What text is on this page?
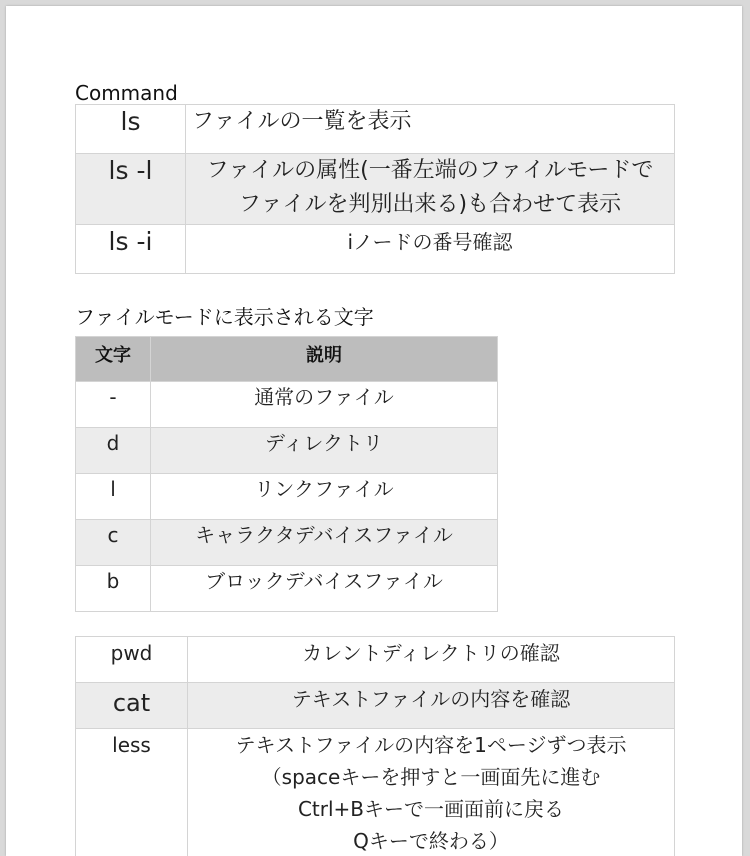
Command
ls	ファイルの一覧を表示

ls -l	ファイルの属性(一番左端のファイルモードで
ファイルを判別出来る)も合わせて表示

ls -i	iノードの番号確認
ファイルモードに表示される文字
文字	説明
-	通常のファイル
d	ディレクトリ
l	リンクファイル
c	キャラクタデバイスファイル
b	ブロックデバイスファイル
pwd	カレントディレクトリの確認

cat	テキストファイルの内容を確認

less	テキストファイルの内容を1ページずつ表示
（spaceキーを押すと一画面先に進む
Ctrl+Bキーで一画面前に戻る
Qキーで終わる）
